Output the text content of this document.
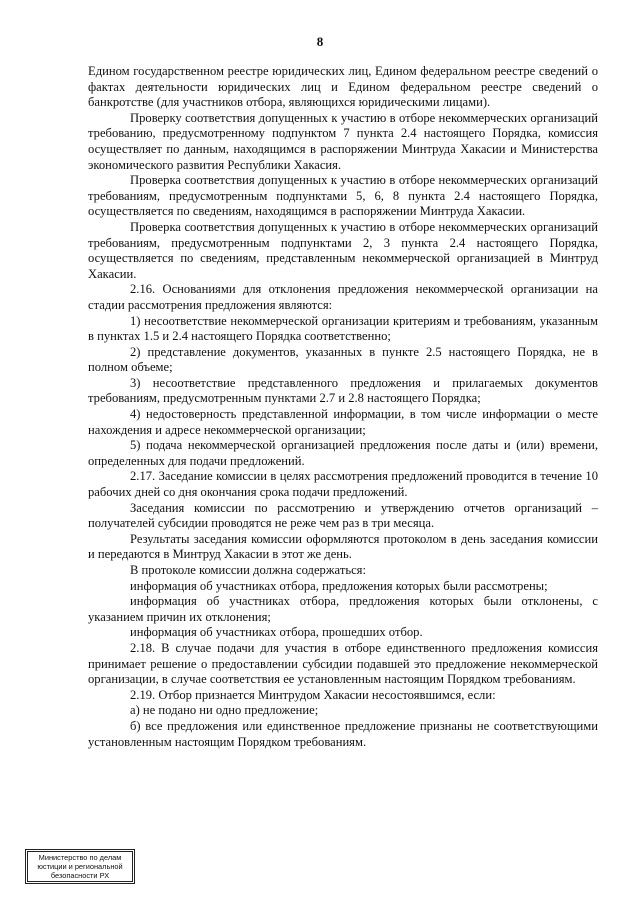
8

Едином государственном реестре юридических лиц, Едином федеральном реестре сведений о фактах деятельности юридических лиц и Едином федеральном реестре сведений о банкротстве (для участников отбора, являющихся юридическими лицами).

Проверку соответствия допущенных к участию в отборе некоммерческих организаций требованию, предусмотренному подпунктом 7 пункта 2.4 настоящего Порядка, комиссия осуществляет по данным, находящимся в распоряжении Минтруда Хакасии и Министерства экономического развития Республики Хакасия.

Проверка соответствия допущенных к участию в отборе некоммерческих организаций требованиям, предусмотренным подпунктами 5, 6, 8 пункта 2.4 настоящего Порядка, осуществляется по сведениям, находящимся в распоряжении Минтруда Хакасии.

Проверка соответствия допущенных к участию в отборе некоммерческих организаций требованиям, предусмотренным подпунктами 2, 3 пункта 2.4 настоящего Порядка, осуществляется по сведениям, представленным некоммерческой организацией в Минтруд Хакасии.

2.16. Основаниями для отклонения предложения некоммерческой организации на стадии рассмотрения предложения являются:

1) несоответствие некоммерческой организации критериям и требованиям, указанным в пунктах 1.5 и 2.4 настоящего Порядка соответственно;

2) представление документов, указанных в пункте 2.5 настоящего Порядка, не в полном объеме;

3) несоответствие представленного предложения и прилагаемых документов требованиям, предусмотренным пунктами 2.7 и 2.8 настоящего Порядка;

4) недостоверность представленной информации, в том числе информации о месте нахождения и адресе некоммерческой организации;

5) подача некоммерческой организацией предложения после даты и (или) времени, определенных для подачи предложений.

2.17. Заседание комиссии в целях рассмотрения предложений проводится в течение 10 рабочих дней со дня окончания срока подачи предложений.

Заседания комиссии по рассмотрению и утверждению отчетов организаций – получателей субсидии проводятся не реже чем раз в три месяца.

Результаты заседания комиссии оформляются протоколом в день заседания комиссии и передаются в Минтруд Хакасии в этот же день.

В протоколе комиссии должна содержаться:

информация об участниках отбора, предложения которых были рассмотрены;

информация об участниках отбора, предложения которых были отклонены, с указанием причин их отклонения;

информация об участниках отбора, прошедших отбор.

2.18. В случае подачи для участия в отборе единственного предложения комиссия принимает решение о предоставлении субсидии подавшей это предложение некоммерческой организации, в случае соответствия ее установленным настоящим Порядком требованиям.

2.19. Отбор признается Минтрудом Хакасии несостоявшимся, если:

а) не подано ни одно предложение;

б) все предложения или единственное предложение признаны не соответствующими установленным настоящим Порядком требованиям.

Министерство по делам
юстиции и региональной
безопасности РХ
